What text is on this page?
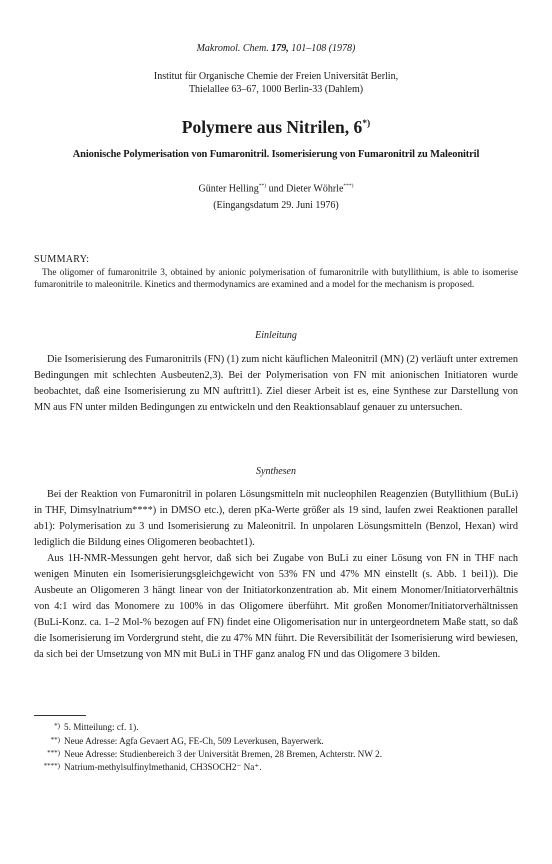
Makromol. Chem. 179, 101–108 (1978)
Institut für Organische Chemie der Freien Universität Berlin,
Thielallee 63–67, 1000 Berlin-33 (Dahlem)
Polymere aus Nitrilen, 6*)
Anionische Polymerisation von Fumaronitril. Isomerisierung von Fumaronitril zu Maleonitril
Günter Helling**) und Dieter Wöhrle***)
(Eingangsdatum 29. Juni 1976)
SUMMARY:

The oligomer of fumaronitrile 3, obtained by anionic polymerisation of fumaronitrile with butyllithium, is able to isomerise fumaronitrile to maleonitrile. Kinetics and thermodynamics are examined and a model for the mechanism is proposed.

Einleitung

Die Isomerisierung des Fumaronitrils (FN) (1) zum nicht käuflichen Maleonitril (MN) (2) verläuft unter extremen Bedingungen mit schlechten Ausbeuten2,3). Bei der Polymerisation von FN mit anionischen Initiatoren wurde beobachtet, daß eine Isomerisierung zu MN auftritt1). Ziel dieser Arbeit ist es, eine Synthese zur Darstellung von MN aus FN unter milden Bedingungen zu entwickeln und den Reaktionsablauf genauer zu untersuchen.

Synthesen

Bei der Reaktion von Fumaronitril in polaren Lösungsmitteln mit nucleophilen Reagenzien (Butyllithium (BuLi) in THF, Dimsylnatrium****) in DMSO etc.), deren pKa-Werte größer als 19 sind, laufen zwei Reaktionen parallel ab1): Polymerisation zu 3 und Isomerisierung zu Maleonitril. In unpolaren Lösungsmitteln (Benzol, Hexan) wird lediglich die Bildung eines Oligomeren beobachtet1).

Aus 1H-NMR-Messungen geht hervor, daß sich bei Zugabe von BuLi zu einer Lösung von FN in THF nach wenigen Minuten ein Isomerisierungsgleichgewicht von 53% FN und 47% MN einstellt (s. Abb. 1 bei1)). Die Ausbeute an Oligomeren 3 hängt linear von der Initiatorkonzentration ab. Mit einem Monomer/Initiatorverhältnis von 4:1 wird das Monomere zu 100% in das Oligomere überführt. Mit großen Monomer/Initiatorverhältnissen (BuLi-Konz. ca. 1–2 Mol-% bezogen auf FN) findet eine Oligomerisation nur in untergeordnetem Maße statt, so daß die Isomerisierung im Vordergrund steht, die zu 47% MN führt. Die Reversibilität der Isomerisierung wird bewiesen, da sich bei der Umsetzung von MN mit BuLi in THF ganz analog FN und das Oligomere 3 bilden.

*) 5. Mitteilung: cf. 1).
**) Neue Adresse: Agfa Gevaert AG, FE-Ch, 509 Leverkusen, Bayerwerk.
***) Neue Adresse: Studienbereich 3 der Universität Bremen, 28 Bremen, Achterstr. NW 2.
****) Natrium-methylsulfinylmethanid, CH3SOCH2⁻ Na⁺.
